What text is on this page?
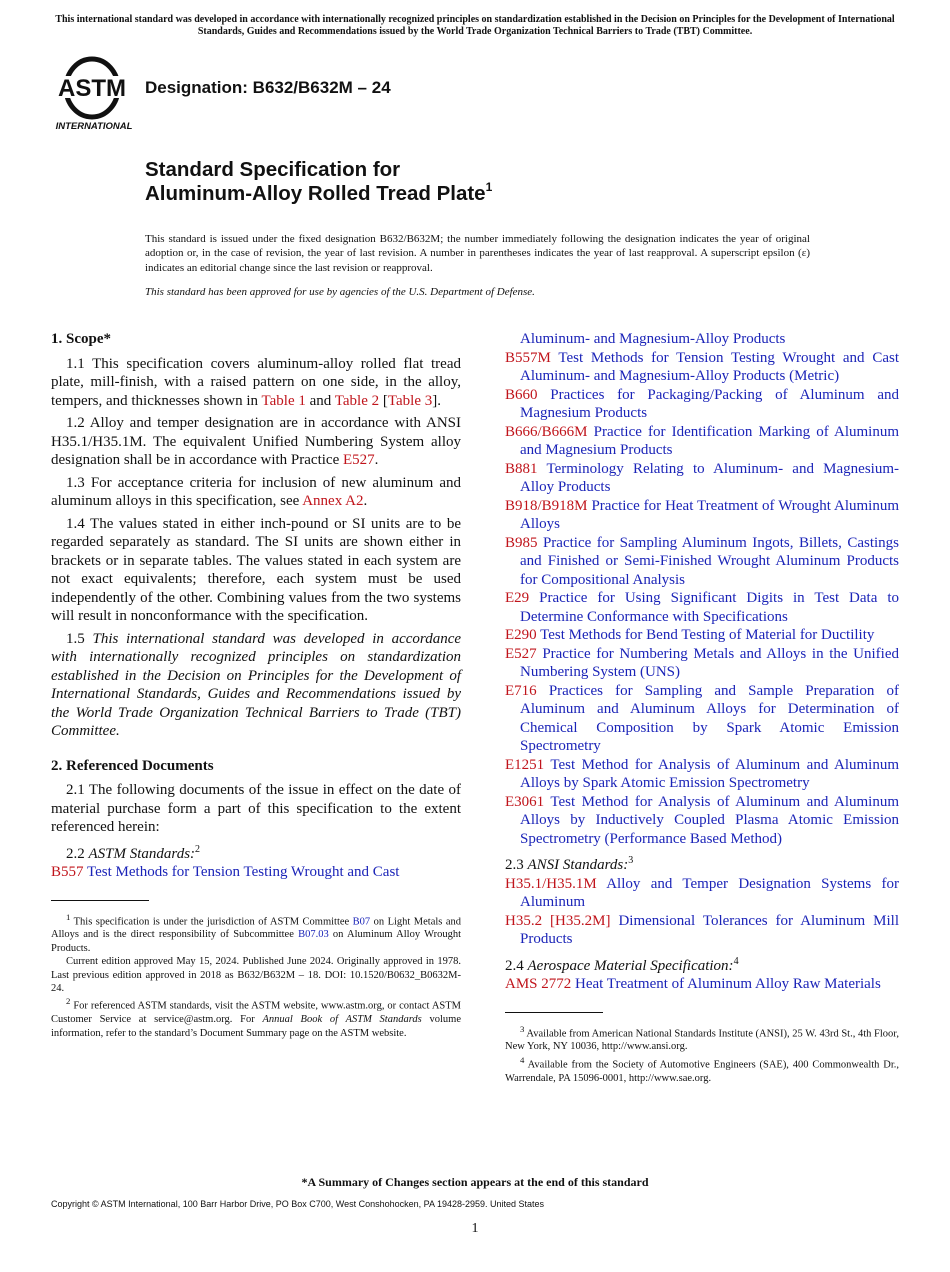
This international standard was developed in accordance with internationally recognized principles on standardization established in the Decision on Principles for the Development of International Standards, Guides and Recommendations issued by the World Trade Organization Technical Barriers to Trade (TBT) Committee.
ASTM
INTERNATIONAL
Designation: B632/B632M – 24
Standard Specification for
Aluminum-Alloy Rolled Tread Plate$^1$
This standard is issued under the fixed designation B632/B632M; the number immediately following the designation indicates the year of original adoption or, in the case of revision, the year of last revision. A number in parentheses indicates the year of last reapproval. A superscript epsilon (ε) indicates an editorial change since the last revision or reapproval.
This standard has been approved for use by agencies of the U.S. Department of Defense.
1. Scope*

1.1 This specification covers aluminum-alloy rolled flat tread plate, mill-finish, with a raised pattern on one side, in the alloy, tempers, and thicknesses shown in Table 1 and Table 2 [Table 3].

1.2 Alloy and temper designation are in accordance with ANSI H35.1/H35.1M. The equivalent Unified Numbering System alloy designation shall be in accordance with Practice E527.

1.3 For acceptance criteria for inclusion of new aluminum and aluminum alloys in this specification, see Annex A2.

1.4 The values stated in either inch-pound or SI units are to be regarded separately as standard. The SI units are shown either in brackets or in separate tables. The values stated in each system are not exact equivalents; therefore, each system must be used independently of the other. Combining values from the two systems will result in nonconformance with the specification.

1.5 This international standard was developed in accordance with internationally recognized principles on standardization established in the Decision on Principles for the Development of International Standards, Guides and Recommendations issued by the World Trade Organization Technical Barriers to Trade (TBT) Committee.

2. Referenced Documents

2.1 The following documents of the issue in effect on the date of material purchase form a part of this specification to the extent referenced herein:

2.2 ASTM Standards:$^2$

B557 Test Methods for Tension Testing Wrought and Cast

$^1$ This specification is under the jurisdiction of ASTM Committee B07 on Light Metals and Alloys and is the direct responsibility of Subcommittee B07.03 on Aluminum Alloy Wrought Products.

Current edition approved May 15, 2024. Published June 2024. Originally approved in 1978. Last previous edition approved in 2018 as B632/B632M – 18. DOI: 10.1520/B0632_B0632M-24.

$^2$ For referenced ASTM standards, visit the ASTM website, www.astm.org, or contact ASTM Customer Service at service@astm.org. For Annual Book of ASTM Standards volume information, refer to the standard’s Document Summary page on the ASTM website.

Aluminum- and Magnesium-Alloy Products

B557M Test Methods for Tension Testing Wrought and Cast Aluminum- and Magnesium-Alloy Products (Metric)

B660 Practices for Packaging/Packing of Aluminum and Magnesium Products

B666/B666M Practice for Identification Marking of Aluminum and Magnesium Products

B881 Terminology Relating to Aluminum- and Magnesium-Alloy Products

B918/B918M Practice for Heat Treatment of Wrought Aluminum Alloys

B985 Practice for Sampling Aluminum Ingots, Billets, Castings and Finished or Semi-Finished Wrought Aluminum Products for Compositional Analysis

E29 Practice for Using Significant Digits in Test Data to Determine Conformance with Specifications

E290 Test Methods for Bend Testing of Material for Ductility

E527 Practice for Numbering Metals and Alloys in the Unified Numbering System (UNS)

E716 Practices for Sampling and Sample Preparation of Aluminum and Aluminum Alloys for Determination of Chemical Composition by Spark Atomic Emission Spectrometry

E1251 Test Method for Analysis of Aluminum and Aluminum Alloys by Spark Atomic Emission Spectrometry

E3061 Test Method for Analysis of Aluminum and Aluminum Alloys by Inductively Coupled Plasma Atomic Emission Spectrometry (Performance Based Method)

2.3 ANSI Standards:$^3$

H35.1/H35.1M Alloy and Temper Designation Systems for Aluminum

H35.2 [H35.2M] Dimensional Tolerances for Aluminum Mill Products

2.4 Aerospace Material Specification:$^4$

AMS 2772 Heat Treatment of Aluminum Alloy Raw Materials

$^3$ Available from American National Standards Institute (ANSI), 25 W. 43rd St., 4th Floor, New York, NY 10036, http://www.ansi.org.

$^4$ Available from the Society of Automotive Engineers (SAE), 400 Commonwealth Dr., Warrendale, PA 15096-0001, http://www.sae.org.

*A Summary of Changes section appears at the end of this standard
Copyright © ASTM International, 100 Barr Harbor Drive, PO Box C700, West Conshohocken, PA 19428-2959. United States
1
